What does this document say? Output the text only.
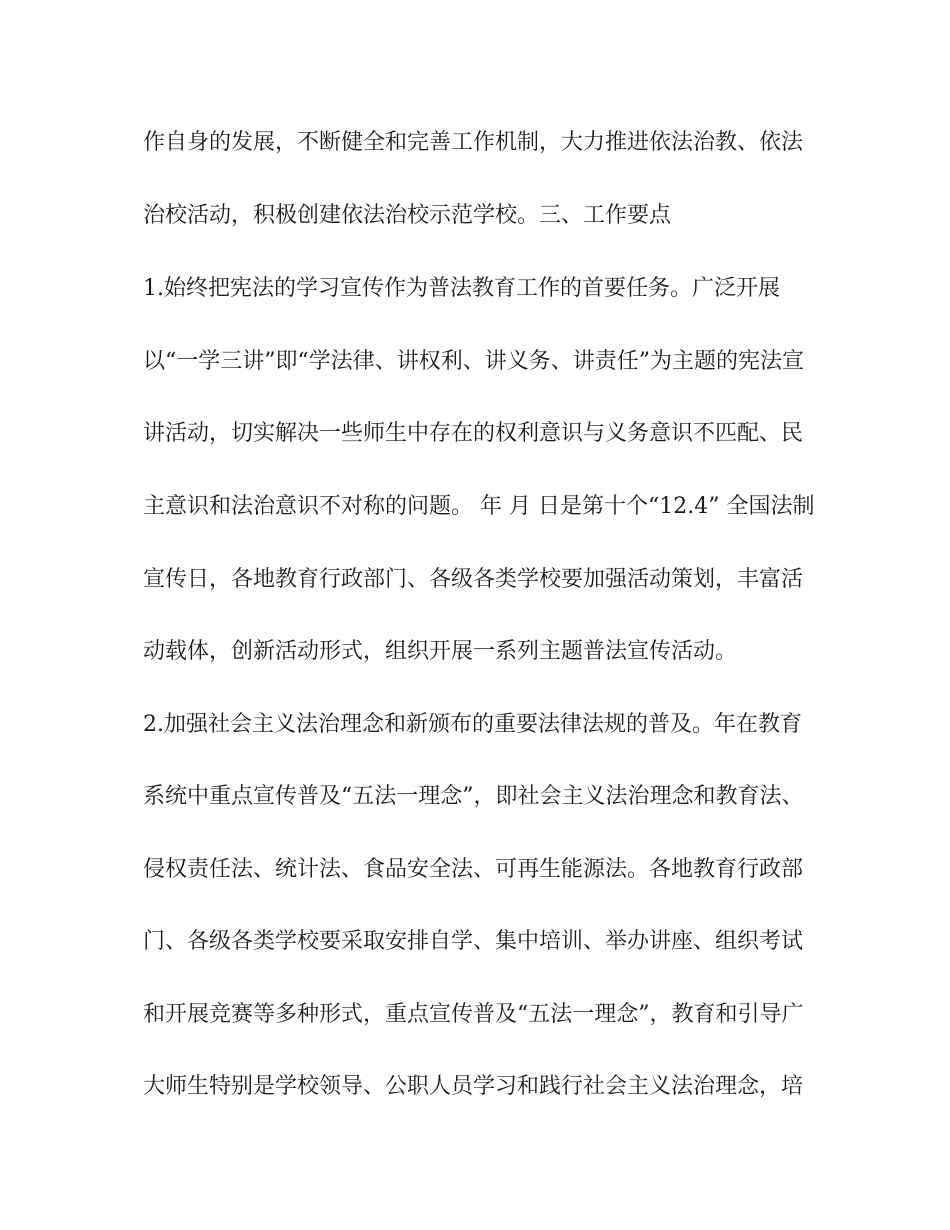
作自身的发展，不断健全和完善工作机制，大力推进依法治教、依法
治校活动，积极创建依法治校示范学校。三、工作要点
1.始终把宪法的学习宣传作为普法教育工作的首要任务。广泛开展
以“一学三讲”即“学法律、讲权利、讲义务、讲责任”为主题的宪法宣
讲活动，切实解决一些师生中存在的权利意识与义务意识不匹配、民
主意识和法治意识不对称的问题。 年 月 日是第十个“12.4” 全国法制
宣传日，各地教育行政部门、各级各类学校要加强活动策划，丰富活
动载体，创新活动形式，组织开展一系列主题普法宣传活动。
2.加强社会主义法治理念和新颁布的重要法律法规的普及。年在教育
系统中重点宣传普及“五法一理念”，即社会主义法治理念和教育法、
侵权责任法、统计法、食品安全法、可再生能源法。各地教育行政部
门、各级各类学校要采取安排自学、集中培训、举办讲座、组织考试
和开展竞赛等多种形式，重点宣传普及“五法一理念”，教育和引导广
大师生特别是学校领导、公职人员学习和践行社会主义法治理念，培
